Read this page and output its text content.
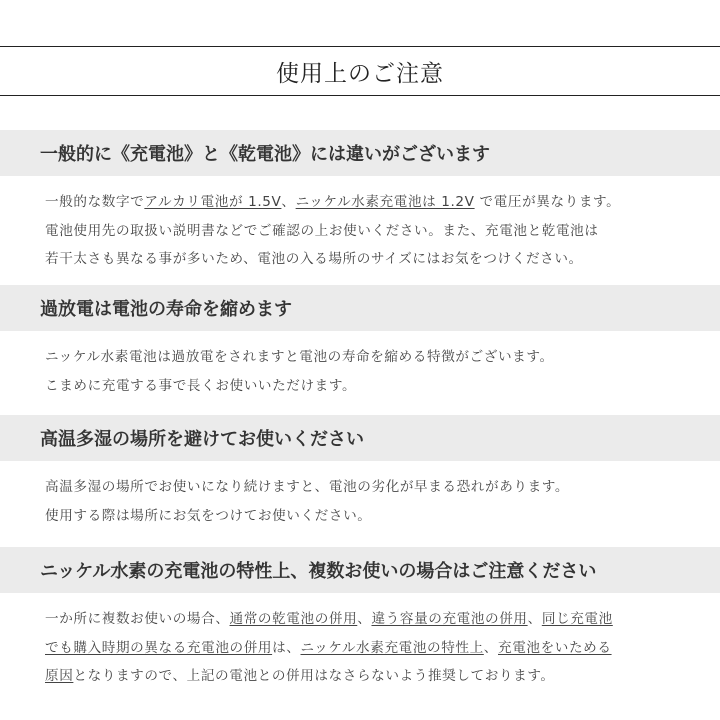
使用上のご注意
一般的に《充電池》と《乾電池》には違いがございます

一般的な数字でアルカリ電池が 1.5V、ニッケル水素充電池は 1.2V で電圧が異なります。

電池使用先の取扱い説明書などでご確認の上お使いください。また、充電池と乾電池は

若干太さも異なる事が多いため、電池の入る場所のサイズにはお気をつけください。

過放電は電池の寿命を縮めます

ニッケル水素電池は過放電をされますと電池の寿命を縮める特徴がございます。

こまめに充電する事で長くお使いいただけます。

高温多湿の場所を避けてお使いください

高温多湿の場所でお使いになり続けますと、電池の劣化が早まる恐れがあります。

使用する際は場所にお気をつけてお使いください。

ニッケル水素の充電池の特性上、複数お使いの場合はご注意ください

一か所に複数お使いの場合、通常の乾電池の併用、違う容量の充電池の併用、同じ充電池

でも購入時期の異なる充電池の併用は、ニッケル水素充電池の特性上、充電池をいためる

原因となりますので、上記の電池との併用はなさらないよう推奨しております。
